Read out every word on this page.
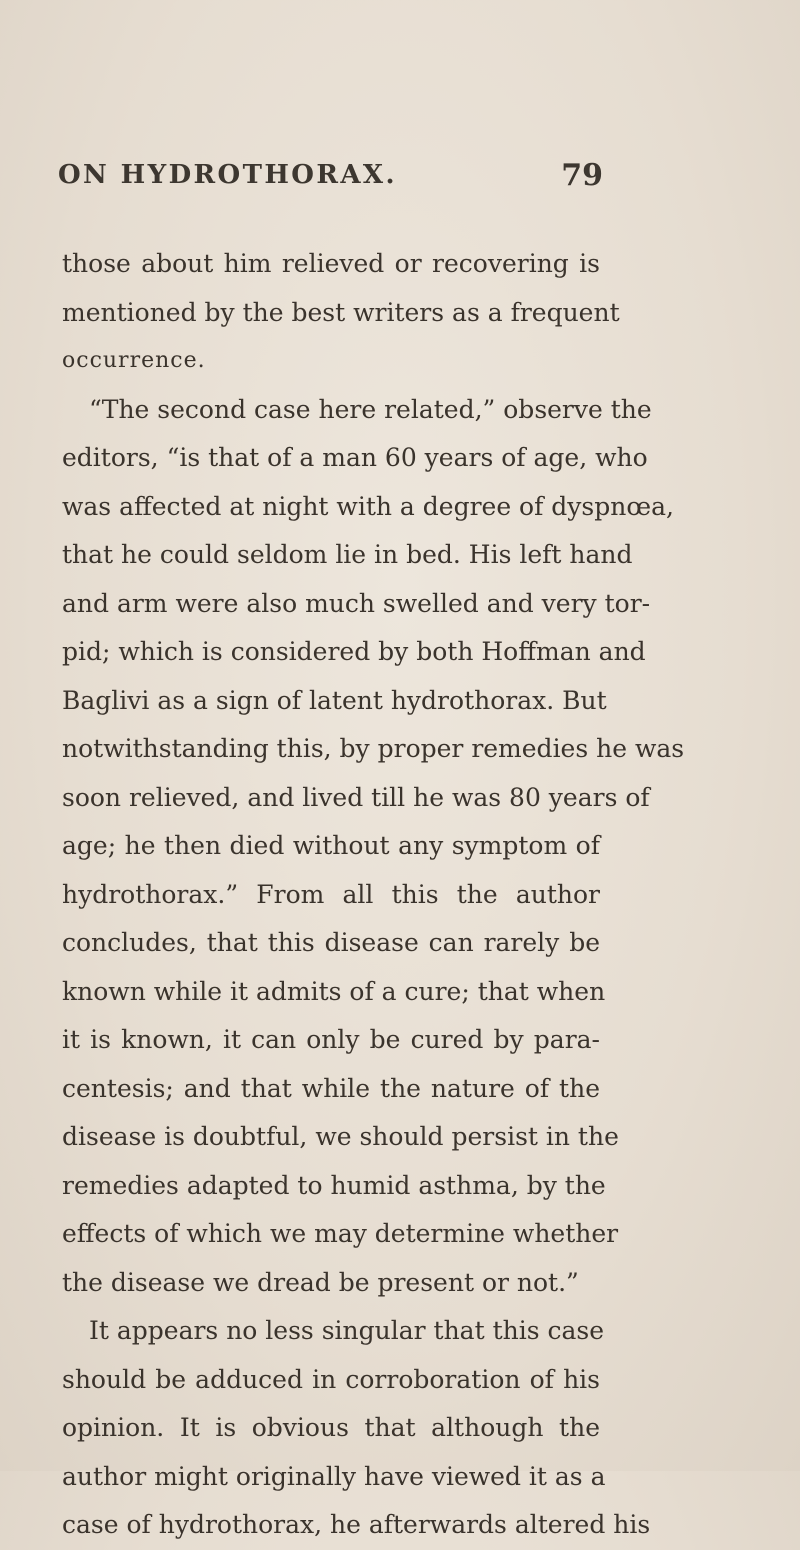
ON HYDROTHORAX.	79
those about him relieved or recovering is
mentioned by the best writers as a frequent
occurrence.
“The second case here related,” observe the
editors, “is that of a man 60 years of age, who
was affected at night with a degree of dyspnœa,
that he could seldom lie in bed. His left hand
and arm were also much swelled and very tor-
pid; which is considered by both Hoffman and
Baglivi as a sign of latent hydrothorax. But
notwithstanding this, by proper remedies he was
soon relieved, and lived till he was 80 years of
age; he then died without any symptom of
hydrothorax.” From all this the author
concludes, that this disease can rarely be
known while it admits of a cure; that when
it is known, it can only be cured by para-
centesis; and that while the nature of the
disease is doubtful, we should persist in the
remedies adapted to humid asthma, by the
effects of which we may determine whether
the disease we dread be present or not.”
It appears no less singular that this case
should be adduced in corroboration of his
opinion. It is obvious that although the
author might originally have viewed it as a
case of hydrothorax, he afterwards altered his
